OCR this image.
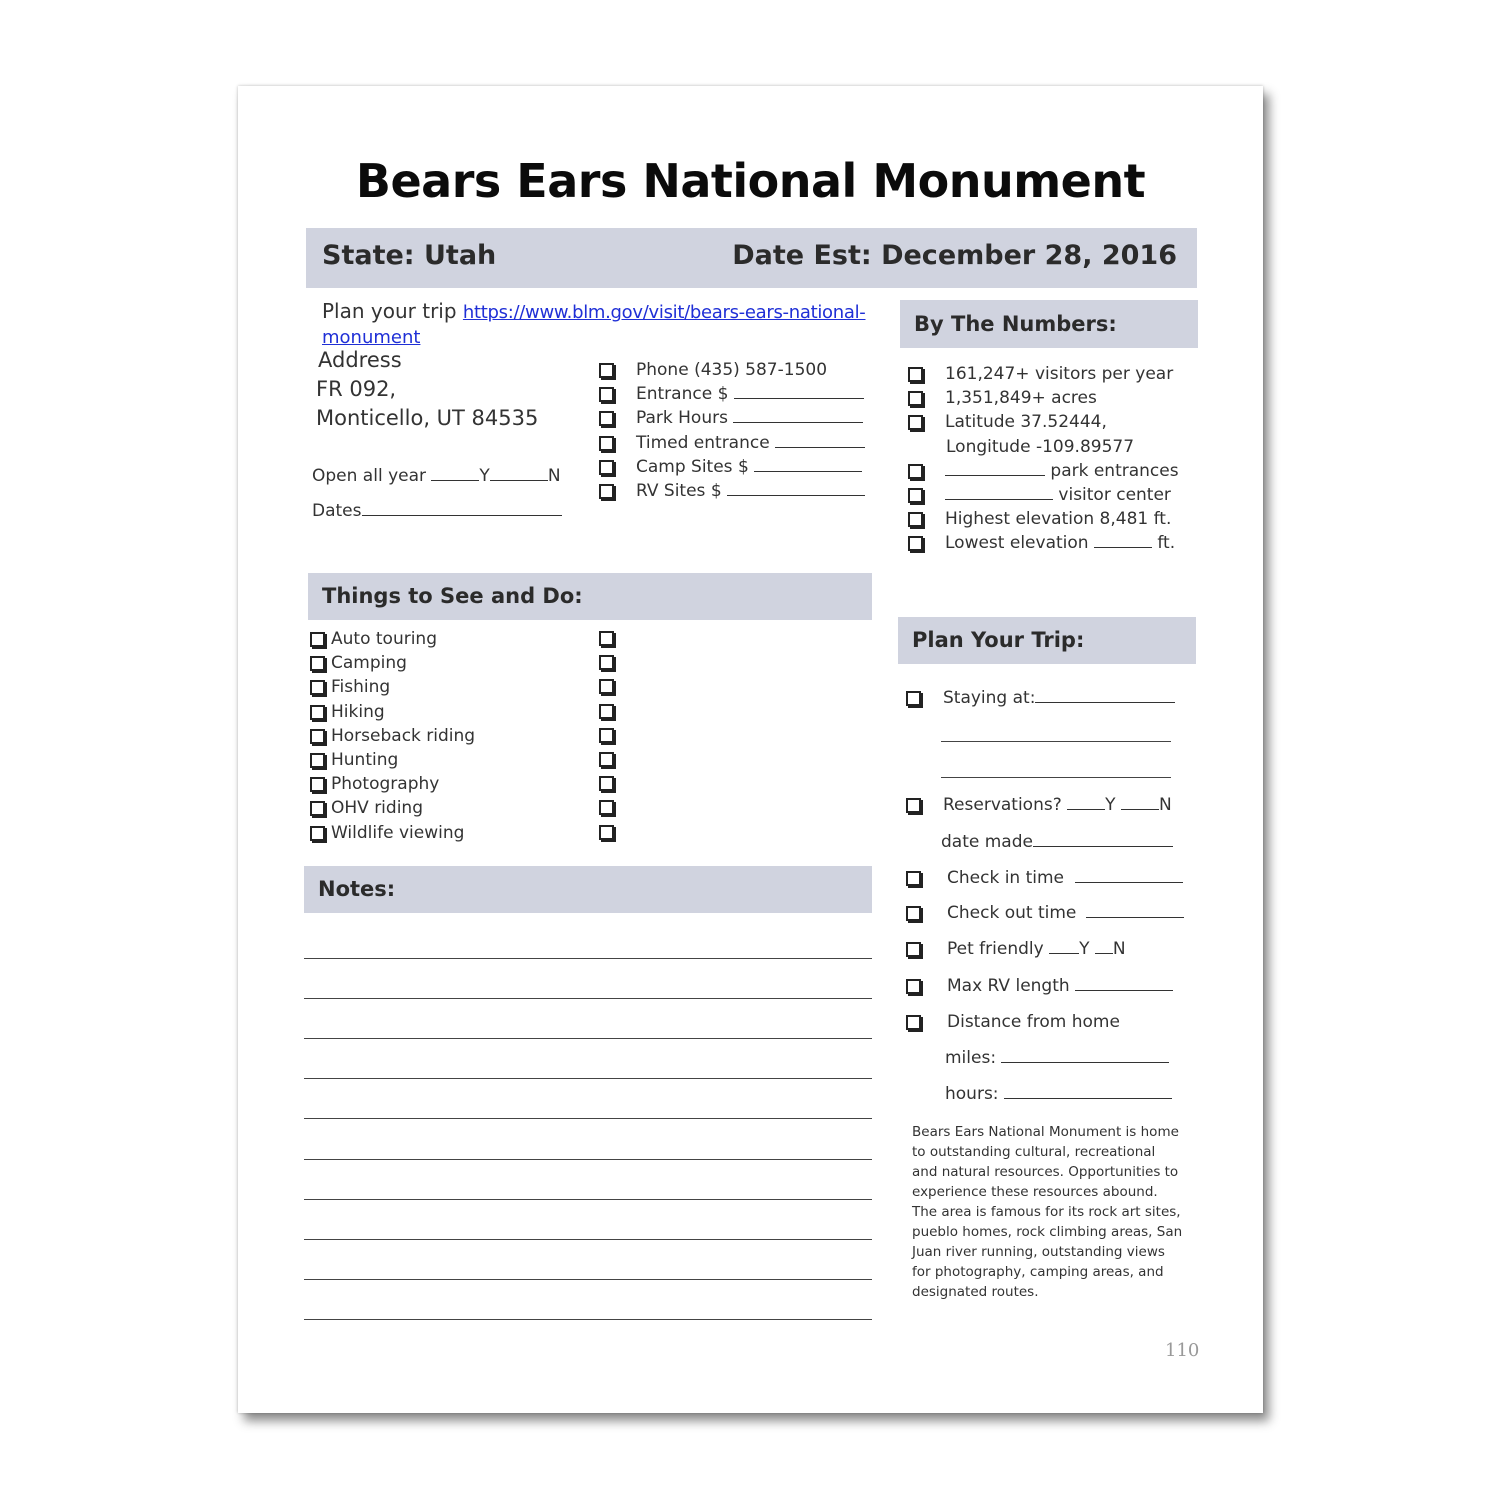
Bears Ears National Monument
State: Utah	Date Est: December 28, 2016
Plan your trip https://www.blm.gov/visit/bears-ears-national-
monument
Address
FR 092,
Monticello, UT 84535
Open all year	Y	N
Dates
Phone (435) 587-1500
Entrance $
Park Hours
Timed entrance
Camp Sites $
RV Sites $
By The Numbers:
161,247+ visitors per year
1,351,849+ acres
Latitude 37.52444,
Longitude -109.89577
park entrances
visitor center
Highest elevation 8,481 ft.
Lowest elevation	ft.
Things to See and Do:
Auto touring
Camping
Fishing
Hiking
Horseback riding
Hunting
Photography
OHV riding
Wildlife viewing
Notes:
Plan Your Trip:
Staying at:
Reservations?	Y	N
date made
Check in time
Check out time
Pet friendly Y N
Max RV length
Distance from home
miles:
hours:
Bears Ears National Monument is home
to outstanding cultural, recreational
and natural resources. Opportunities to
experience these resources abound.
The area is famous for its rock art sites,
pueblo homes, rock climbing areas, San
Juan river running, outstanding views
for photography, camping areas, and
designated routes.
110
